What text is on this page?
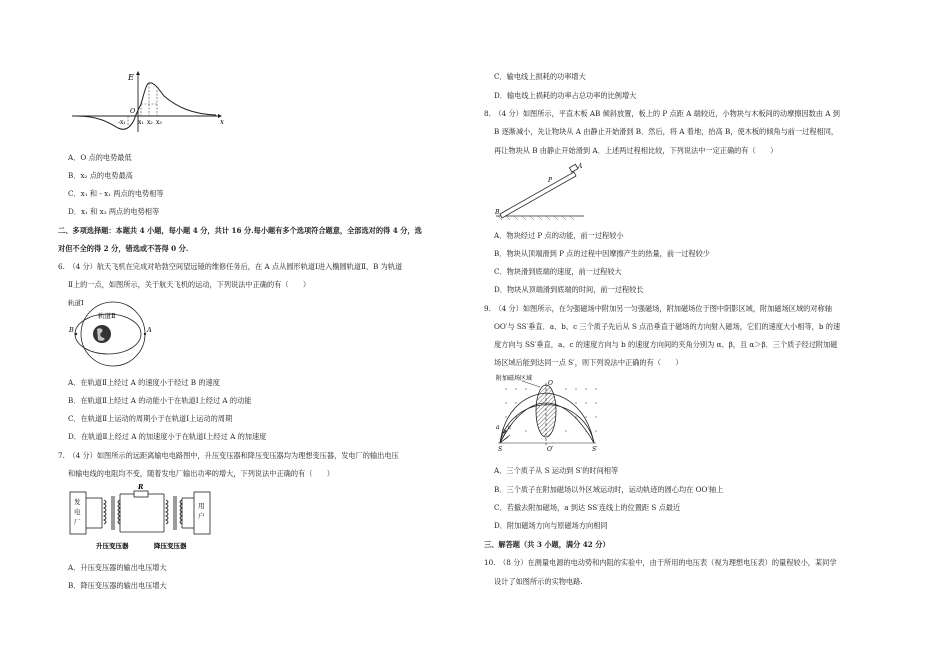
E
x
O
-x₁ x₁ x₂ x₃
A．O 点的电势最低
B．x₂ 点的电势最高
C．x₁ 和 - x₁ 两点的电势相等
D．x₁ 和 x₃ 两点的电势相等
二、多项选择题：本题共 4 小题，每小题 4 分，共计 16 分.每小题有多个选项符合题意，全部选对的得 4 分，选
对但不全的得 2 分，错选或不答得 0 分.
6.　（4 分）航天飞机在完成对哈勃空间望远镜的维修任务后，在 A 点从圆形轨道Ⅰ进入椭圆轨道Ⅱ，B 为轨道
Ⅱ上的一点，如图所示，关于航天飞机的运动，下列说法中正确的有（　　）
轨道Ⅰ
轨道Ⅱ
A
B
A．在轨道Ⅱ上经过 A 的速度小于经过 B 的速度
B．在轨道Ⅱ上经过 A 的动能小于在轨道Ⅰ上经过 A 的动能
C．在轨道Ⅱ上运动的周期小于在轨道Ⅰ上运动的周期
D．在轨道Ⅱ上经过 A 的加速度小于在轨道Ⅰ上经过 A 的加速度
7.　（4 分）如图所示的远距离输电电路图中，升压变压器和降压变压器均为理想变压器，发电厂的输出电压
和输电线的电阻均不变，随着发电厂输出功率的增大，下列说法中正确的有（　　）
发
电
厂
用
户
R
升压变压器	降压变压器
A．升压变压器的输出电压增大
B．降压变压器的输出电压增大
C．输电线上损耗的功率增大
D．输电线上损耗的功率占总功率的比例增大
8.　（4 分）如图所示，平直木板 AB 倾斜放置，板上的 P 点距 A 端较近，小物块与木板间的动摩擦因数由 A 到
B 逐渐减小，先让物块从 A 由静止开始滑到 B．然后，将 A 着地，抬高 B，使木板的倾角与前一过程相同，
再让物块从 B 由静止开始滑到 A．上述两过程相比较，下列说法中一定正确的有（　　）
P
B
A
A．物块经过 P 点的动能，前一过程较小
B．物块从顶端滑到 P 点的过程中因摩擦产生的热量，前一过程较少
C．物块滑到底端的速度，前一过程较大
D．物块从顶端滑到底端的时间，前一过程较长
9.　（4 分）如图所示，在匀强磁场中附加另一匀强磁场，附加磁场位于图中阴影区域，附加磁场区域的对称轴
OO′与 SS′垂直．a、b、c 三个质子先后从 S 点沿垂直于磁场的方向射入磁场，它们的速度大小相等，b 的速
度方向与 SS′垂直，a、c 的速度方向与 b 的速度方向间的夹角分别为 α、β，且 α＞β．三个质子经过附加磁
场区域后能到达同一点 S′，则下列说法中正确的有（　　）
附加磁场区域
a
b
c
O
O′
S	S′
A．三个质子从 S 运动到 S′的时间相等
B．三个质子在附加磁场以外区域运动时，运动轨迹的圆心均在 OO′轴上
C．若撤去附加磁场，a 到达 SS′连线上的位置距 S 点最近
D．附加磁场方向与原磁场方向相同
三、解答题（共 3 小题，满分 42 分）
10.　（8 分）在测量电源的电动势和内阻的实验中，由于所用的电压表（视为理想电压表）的量程较小，某同学
设计了如图所示的实物电路.
